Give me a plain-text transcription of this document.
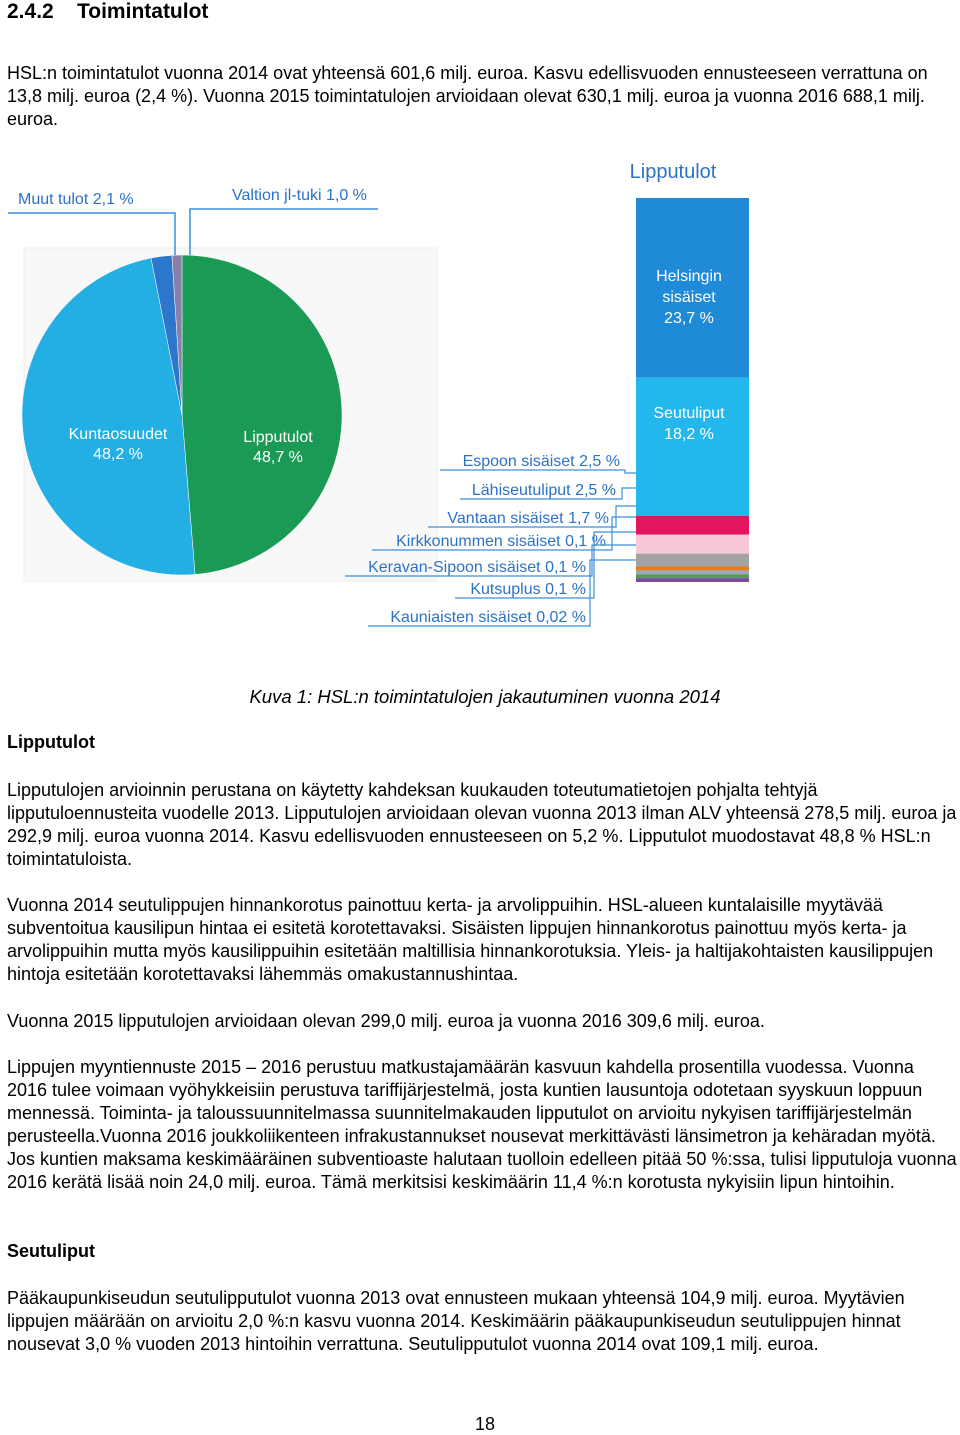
2.4.2 Toimintatulot
HSL:n toimintatulot vuonna 2014 ovat yhteensä 601,6 milj. euroa. Kasvu edellisvuoden ennusteeseen verrattuna on 13,8 milj. euroa (2,4 %). Vuonna 2015 toimintatulojen arvioidaan olevat 630,1 milj. euroa ja vuonna 2016 688,1 milj. euroa.
Lipputulot
48,7 %
Kuntaosuudet
48,2 %
Muut tulot 2,1 %	Valtion jl-tuki 1,0 %
Lipputulot
Helsingin
sisäiset
23,7 %
Seutuliput
18,2 %
Espoon sisäiset 2,5 %
Lähiseutuliput 2,5 %
Vantaan sisäiset 1,7 %
Kirkkonummen sisäiset 0,1 %
Keravan-Sipoon sisäiset 0,1 %
Kutsuplus 0,1 %
Kauniaisten sisäiset 0,02 %
Kuva 1: HSL:n toimintatulojen jakautuminen vuonna 2014
Lipputulot
Lipputulojen arvioinnin perustana on käytetty kahdeksan kuukauden toteutumatietojen pohjalta tehtyjä lipputuloennusteita vuodelle 2013. Lipputulojen arvioidaan olevan vuonna 2013 ilman ALV yhteensä 278,5 milj. euroa ja 292,9 milj. euroa vuonna 2014. Kasvu edellisvuoden ennusteeseen on 5,2 %. Lipputulot muodostavat 48,8 % HSL:n toimintatuloista.
Vuonna 2014 seutulippujen hinnankorotus painottuu kerta- ja arvolippuihin. HSL-alueen kuntalaisille myytävää subventoitua kausilipun hintaa ei esitetä korotettavaksi. Sisäisten lippujen hinnankorotus painottuu myös kerta- ja arvolippuihin mutta myös kausilippuihin esitetään maltillisia hinnankorotuksia. Yleis- ja haltijakohtaisten kausilippujen hintoja esitetään korotettavaksi lähemmäs omakustannushintaa.
Vuonna 2015 lipputulojen arvioidaan olevan 299,0 milj. euroa ja vuonna 2016 309,6 milj. euroa.
Lippujen myyntiennuste 2015 – 2016 perustuu matkustajamäärän kasvuun kahdella prosentilla vuodessa. Vuonna 2016 tulee voimaan vyöhykkeisiin perustuva tariffijärjestelmä, josta kuntien lausuntoja odotetaan syyskuun loppuun mennessä. Toiminta- ja taloussuunnitelmassa suunnitelmakauden lipputulot on arvioitu nykyisen tariffijärjestelmän perusteella.Vuonna 2016 joukkoliikenteen infrakustannukset nousevat merkittävästi länsimetron ja kehäradan myötä. Jos kuntien maksama keskimääräinen subventioaste halutaan tuolloin edelleen pitää 50 %:ssa, tulisi lipputuloja vuonna 2016 kerätä lisää noin 24,0 milj. euroa. Tämä merkitsisi keskimäärin 11,4 %:n korotusta nykyisiin lipun hintoihin.
Seutuliput
Pääkaupunkiseudun seutulipputulot vuonna 2013 ovat ennusteen mukaan yhteensä 104,9 milj. euroa. Myytävien lippujen määrään on arvioitu 2,0 %:n kasvu vuonna 2014. Keskimäärin pääkaupunkiseudun seutulippujen hinnat nousevat 3,0 % vuoden 2013 hintoihin verrattuna. Seutulipputulot vuonna 2014 ovat 109,1 milj. euroa.
18
